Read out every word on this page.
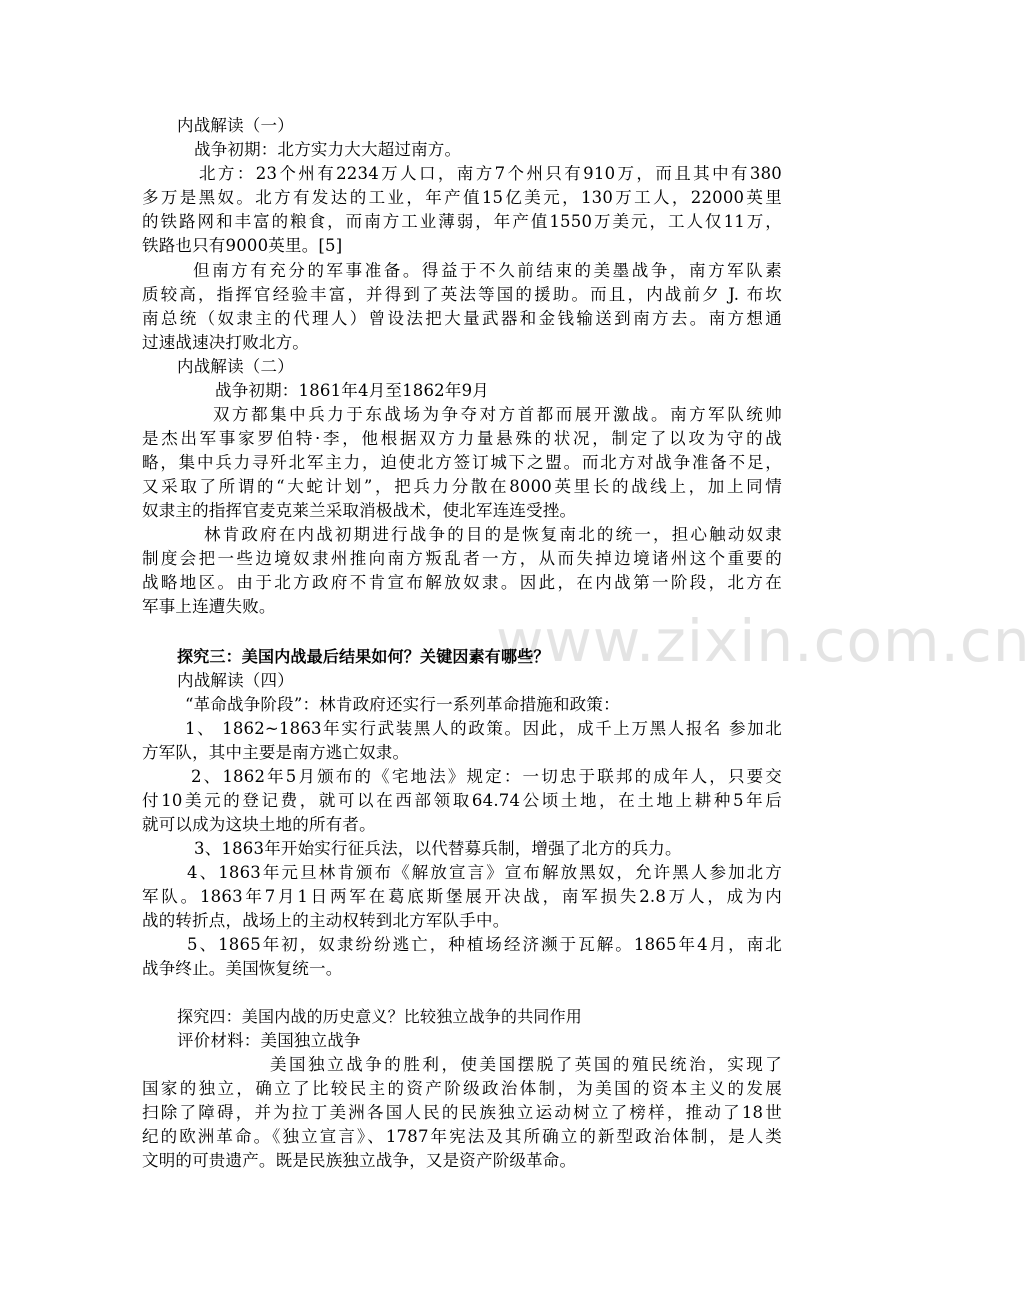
www.zixin.com.cn
内战解读（一）
战争初期：北方实力大大超过南方。
北方：23个州有2234万人口，南方7个州只有910万，而且其中有380
多万是黑奴。北方有发达的工业，年产值15亿美元，130万工人，22000英里
的铁路网和丰富的粮食，而南方工业薄弱，年产值1550万美元，工人仅11万，
铁路也只有9000英里。[5]
但南方有充分的军事准备。得益于不久前结束的美墨战争，南方军队素
质较高，指挥官经验丰富，并得到了英法等国的援助。而且，内战前夕 J. 布坎
南总统（奴隶主的代理人）曾设法把大量武器和金钱输送到南方去。南方想通
过速战速决打败北方。
内战解读（二）
战争初期：1861年4月至1862年9月
双方都集中兵力于东战场为争夺对方首都而展开激战。南方军队统帅
是杰出军事家罗伯特·李，他根据双方力量悬殊的状况，制定了以攻为守的战
略，集中兵力寻歼北军主力，迫使北方签订城下之盟。而北方对战争准备不足，
又采取了所谓的“大蛇计划”，把兵力分散在8000英里长的战线上，加上同情
奴隶主的指挥官麦克莱兰采取消极战术，使北军连连受挫。
林肯政府在内战初期进行战争的目的是恢复南北的统一，担心触动奴隶
制度会把一些边境奴隶州推向南方叛乱者一方，从而失掉边境诸州这个重要的
战略地区。由于北方政府不肯宣布解放奴隶。因此，在内战第一阶段，北方在
军事上连遭失败。
探究三：美国内战最后结果如何？关键因素有哪些？
内战解读（四）
“革命战争阶段”：林肯政府还实行一系列革命措施和政策：
1、 1862~1863年实行武装黑人的政策。因此，成千上万黑人报名 参加北
方军队，其中主要是南方逃亡奴隶。
2、1862年5月颁布的《宅地法》规定：一切忠于联邦的成年人，只要交
付10美元的登记费，就可以在西部领取64.74公顷土地，在土地上耕种5年后
就可以成为这块土地的所有者。
3、1863年开始实行征兵法，以代替募兵制，增强了北方的兵力。
4、1863年元旦林肯颁布《解放宣言》宣布解放黑奴，允许黑人参加北方
军队。1863年7月1日两军在葛底斯堡展开决战，南军损失2.8万人，成为内
战的转折点，战场上的主动权转到北方军队手中。
5、1865年初，奴隶纷纷逃亡，种植场经济濒于瓦解。1865年4月，南北
战争终止。美国恢复统一。
探究四：美国内战的历史意义？比较独立战争的共同作用
评价材料：美国独立战争
美国独立战争的胜利，使美国摆脱了英国的殖民统治，实现了
国家的独立，确立了比较民主的资产阶级政治体制，为美国的资本主义的发展
扫除了障碍，并为拉丁美洲各国人民的民族独立运动树立了榜样，推动了18世
纪的欧洲革命。《独立宣言》、1787年宪法及其所确立的新型政治体制，是人类
文明的可贵遗产。既是民族独立战争，又是资产阶级革命。
